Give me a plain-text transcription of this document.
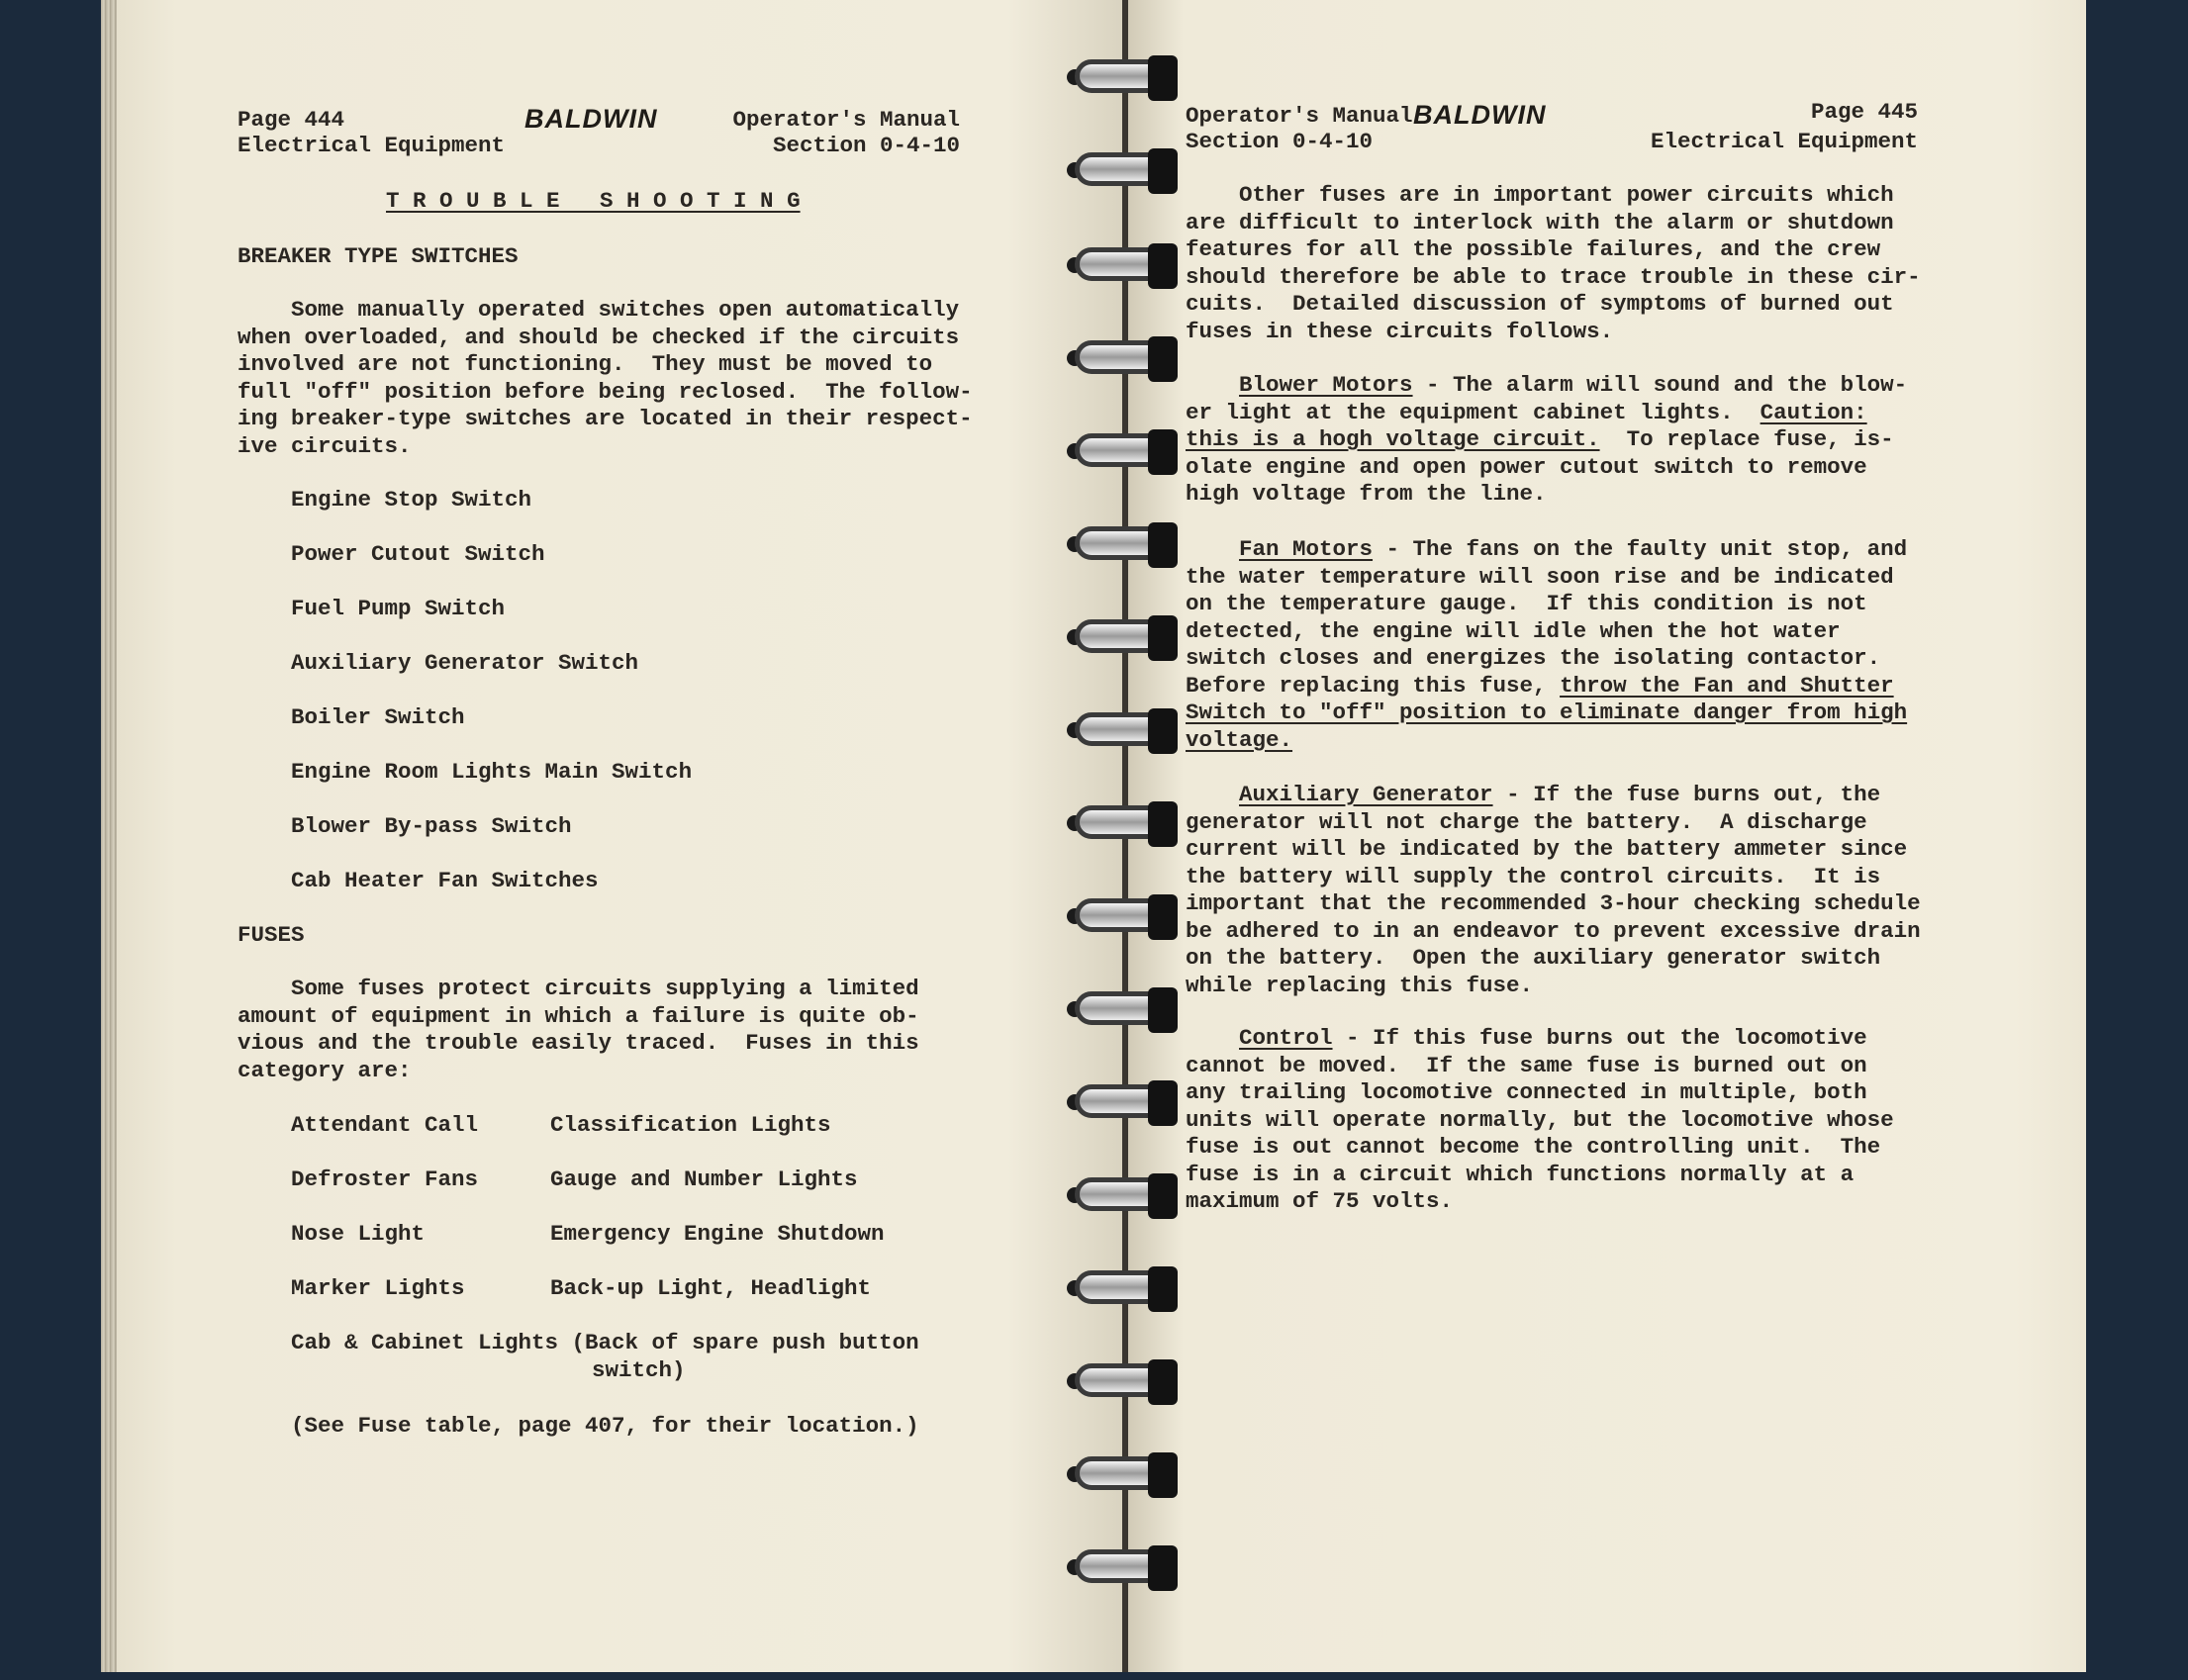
Page 444
Electrical Equipment
BALDWIN	Operator's Manual
Section 0-4-10
T R O U B L E   S H O O T I N G
BREAKER TYPE SWITCHES
Some manually operated switches open automatically
when overloaded, and should be checked if the circuits
involved are not functioning.  They must be moved to
full "off" position before being reclosed.  The follow-
ing breaker-type switches are located in their respect-
ive circuits.
Engine Stop Switch
Power Cutout Switch
Fuel Pump Switch
Auxiliary Generator Switch
Boiler Switch
Engine Room Lights Main Switch
Blower By-pass Switch
Cab Heater Fan Switches
FUSES
Some fuses protect circuits supplying a limited
amount of equipment in which a failure is quite ob-
vious and the trouble easily traced.  Fuses in this
category are:
Attendant Call	Classification Lights
Defroster Fans	Gauge and Number Lights
Nose Light	Emergency Engine Shutdown
Marker Lights	Back-up Light, Headlight
Cab & Cabinet Lights (Back of spare push button
switch)
(See Fuse table, page 407, for their location.)
Operator's Manual
Section 0-4-10
BALDWIN	Page 445
Electrical Equipment
Other fuses are in important power circuits which
are difficult to interlock with the alarm or shutdown
features for all the possible failures, and the crew
should therefore be able to trace trouble in these cir-
cuits.  Detailed discussion of symptoms of burned out
fuses in these circuits follows.
Blower Motors - The alarm will sound and the blow-
er light at the equipment cabinet lights.  Caution:
this is a hogh voltage circuit.  To replace fuse, is-
olate engine and open power cutout switch to remove
high voltage from the line.
Fan Motors - The fans on the faulty unit stop, and
the water temperature will soon rise and be indicated
on the temperature gauge.  If this condition is not
detected, the engine will idle when the hot water
switch closes and energizes the isolating contactor.
Before replacing this fuse, throw the Fan and Shutter
Switch to "off" position to eliminate danger from high
voltage.
Auxiliary Generator - If the fuse burns out, the
generator will not charge the battery.  A discharge
current will be indicated by the battery ammeter since
the battery will supply the control circuits.  It is
important that the recommended 3-hour checking schedule
be adhered to in an endeavor to prevent excessive drain
on the battery.  Open the auxiliary generator switch
while replacing this fuse.
Control - If this fuse burns out the locomotive
cannot be moved.  If the same fuse is burned out on
any trailing locomotive connected in multiple, both
units will operate normally, but the locomotive whose
fuse is out cannot become the controlling unit.  The
fuse is in a circuit which functions normally at a
maximum of 75 volts.
